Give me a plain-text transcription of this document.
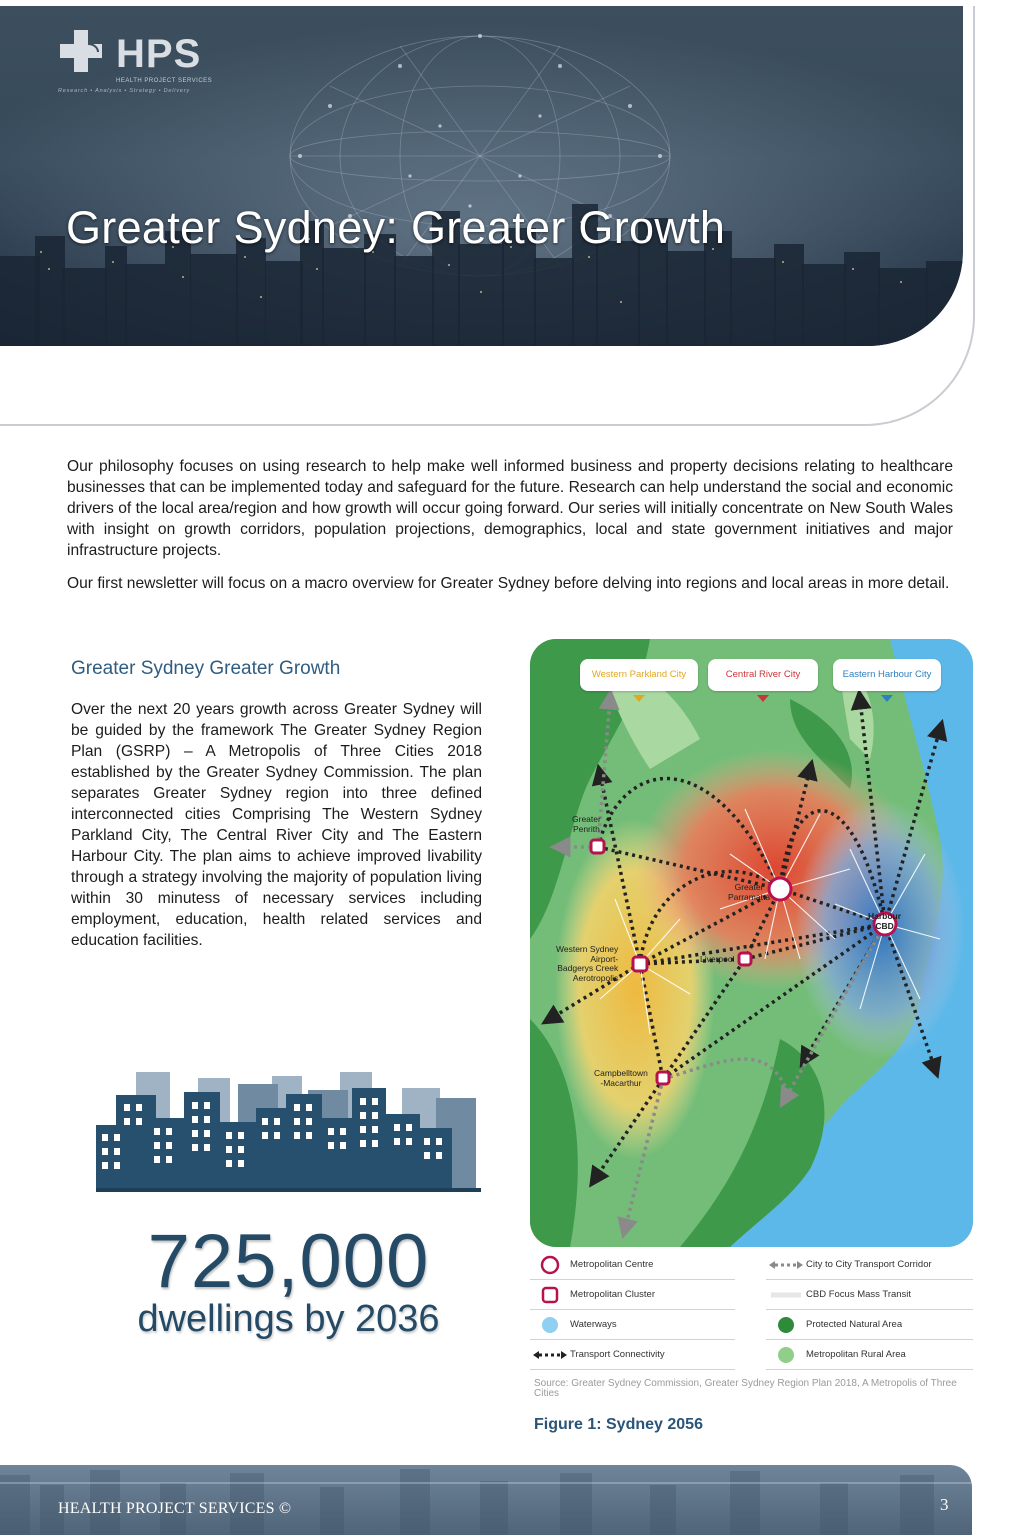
HPS
HEALTH PROJECT SERVICES
Research • Analysis • Strategy • Delivery
Greater Sydney: Greater Growth

Our philosophy focuses on using research to help make well informed business and property decisions relating to healthcare businesses that can be implemented today and safeguard for the future. Research can help understand the social and economic drivers of the local area/region and how growth will occur going forward. Our series will initially concentrate on New South Wales with insight on growth corridors, population projections, demographics, local and state government initiatives and major infrastructure projects.

Our first newsletter will focus on a macro overview for Greater Sydney before delving into regions and local areas in more detail.

Greater Sydney Greater Growth
Over the next 20 years growth across Greater Sydney will be guided by the framework The Greater Sydney Region Plan (GSRP) – A Metropolis of Three Cities 2018 established by the Greater Sydney Commission. The plan separates Greater Sydney region into three defined interconnected cities Comprising The Western Sydney Parkland City, The Central River City and The Eastern Harbour City. The plan aims to achieve improved livability through a strategy involving the majority of population living within 30 minutess of necessary services including employment, education, health related services and education facilities.
725,000
dwellings by 2036
Western Parkland City	Central River City	Eastern Harbour City
Greater
Penrith
Greater
Parramatta
Harbour
CBD
Western Sydney
Airport-
Badgerys Creek
Aerotropolis
Liverpool
Campbelltown
-Macarthur
Metropolitan Centre
Metropolitan Cluster
Waterways
Transport Connectivity
City to City Transport Corridor
CBD Focus Mass Transit
Protected Natural Area
Metropolitan Rural Area
Source: Greater Sydney Commission, Greater Sydney Region Plan 2018, A Metropolis of Three Cities
Figure 1: Sydney 2056
HEALTH PROJECT SERVICES ©	3
